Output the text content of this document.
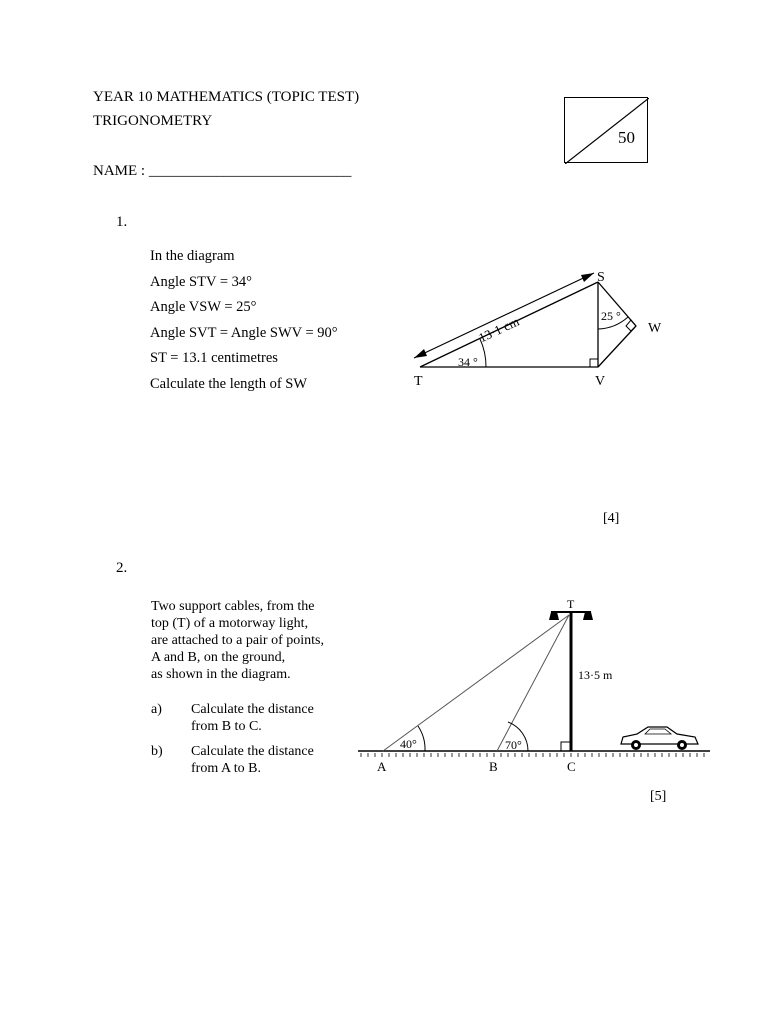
YEAR 10 MATHEMATICS (TOPIC TEST)
TRIGONOMETRY
NAME : ___________________________
50
1.
In the diagram
Angle STV = 34°
Angle VSW = 25°
Angle SVT = Angle SWV = 90°
ST = 13.1 centimetres
Calculate the length of SW
S
T	V
W
13·1 cm
34 °
25 °
[4]
2.
Two support cables, from the
top (T) of a motorway light,
are attached to a pair of points,
A and B, on the ground,
as shown in the diagram.
a) Calculate the distance
from B to C.
b) Calculate the distance
from A to B.
T
A	B	C
13·5 m
40°	70°
[5]
